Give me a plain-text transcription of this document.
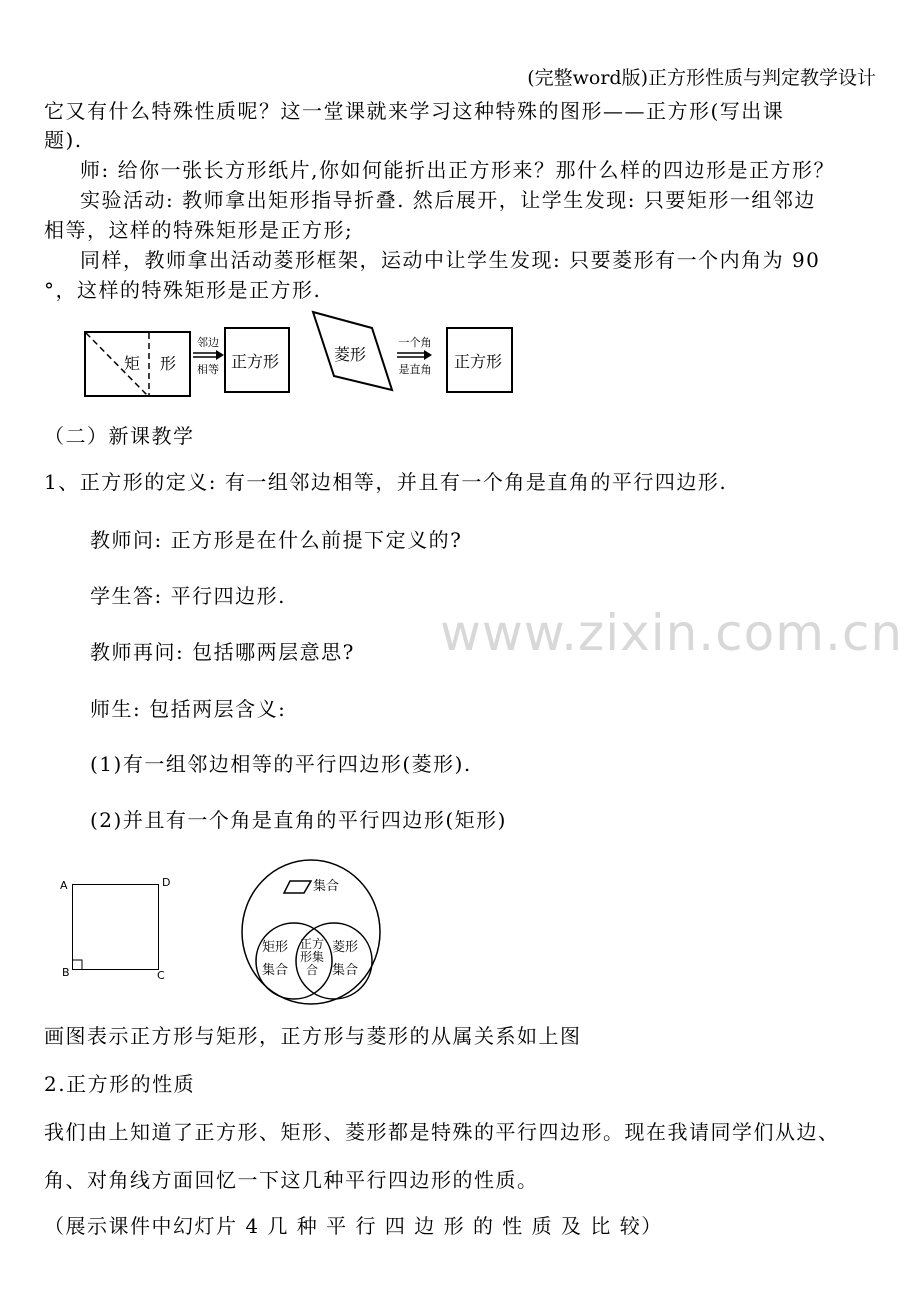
(完整word版)正方形性质与判定教学设计
它又有什么特殊性质呢？这一堂课就来学习这种特殊的图形——正方形(写出课
题).
师: 给你一张长方形纸片,你如何能折出正方形来？那什么样的四边形是正方形？
实验活动: 教师拿出矩形指导折叠. 然后展开，让学生发现: 只要矩形一组邻边
相等，这样的特殊矩形是正方形;
同样，教师拿出活动菱形框架，运动中让学生发现: 只要菱形有一个内角为 90
°，这样的特殊矩形是正方形.
矩 形
邻边
相等 正方形	菱形
一个角
是直角 正方形
（二）新课教学
1、正方形的定义: 有一组邻边相等，并且有一个角是直角的平行四边形.
教师问: 正方形是在什么前提下定义的?
学生答: 平行四边形.
教师再问: 包括哪两层意思?
师生: 包括两层含义:
(1)有一组邻边相等的平行四边形(菱形).
(2)并且有一个角是直角的平行四边形(矩形)
A	D
B	C
集合
矩形
集合
正方
形集
合
菱形
集合
画图表示正方形与矩形，正方形与菱形的从属关系如上图
2.正方形的性质
我们由上知道了正方形、矩形、菱形都是特殊的平行四边形。现在我请同学们从边、
角、对角线方面回忆一下这几种平行四边形的性质。
（展示课件中幻灯片 4 几 种 平 行 四 边 形 的 性 质 及 比 较）
www.zixin.com.cn
